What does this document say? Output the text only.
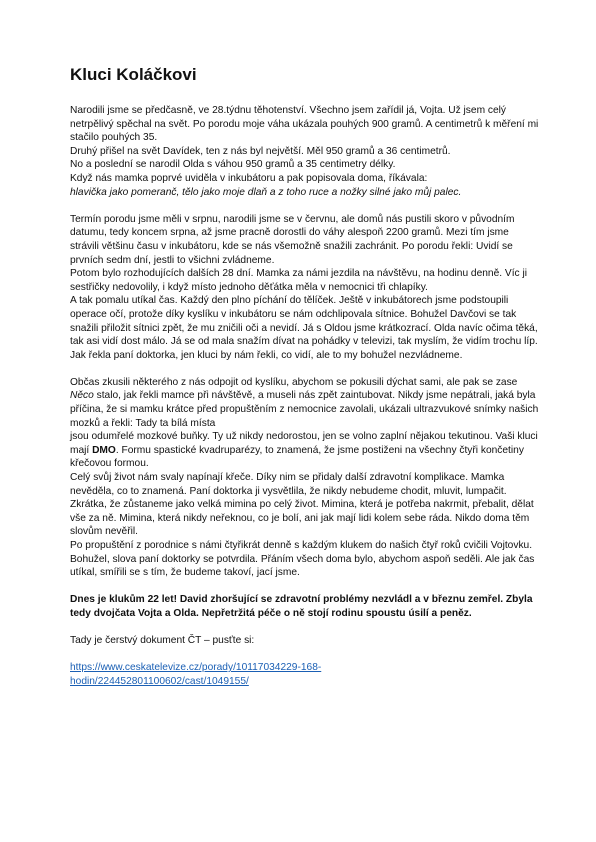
Kluci Koláčkovi
Narodili jsme se předčasně, ve 28.týdnu těhotenství. Všechno jsem zařídil já, Vojta. Už jsem celý netrpělivý spěchal na svět. Po porodu moje váha ukázala pouhých 900 gramů. A centimetrů k měření mi stačilo pouhých 35.
Druhý přišel na svět Davídek, ten z nás byl největší. Měl 950 gramů a 36 centimetrů.
No a poslední se narodil Olda s váhou 950 gramů a 35 centimetry délky.
Když nás mamka poprvé uviděla v inkubátoru a pak popisovala doma, říkávala:
hlavička jako pomeranč, tělo jako moje dlaň a z toho ruce a nožky silné jako můj palec.
Termín porodu jsme měli v srpnu, narodili jsme se v červnu, ale domů nás pustili skoro v původním datumu, tedy koncem srpna, až jsme pracně dorostli do váhy alespoň 2200 gramů. Mezi tím jsme strávili většinu času v inkubátoru, kde se nás všemožně snažili zachránit. Po porodu řekli: Uvidí se prvních sedm dní, jestli to všichni zvládneme.
Potom bylo rozhodujících dalších 28 dní. Mamka za námi jezdila na návštěvu, na hodinu denně. Víc ji sestřičky nedovolily, i když místo jednoho děťátka měla v nemocnici tři chlapíky.
A tak pomalu utíkal čas. Každý den plno píchání do tělíček. Ještě v inkubátorech jsme podstoupili operace očí, protože díky kyslíku v inkubátoru se nám odchlipovala sítnice. Bohužel Davčovi se tak snažili přiložit sítnici zpět, že mu zničili oči a nevidí. Já s Oldou jsme krátkozrací. Olda navíc očima těká, tak asi vidí dost málo. Já se od mala snažím dívat na pohádky v televizi, tak myslím, že vidím trochu líp.
Jak řekla paní doktorka, jen kluci by nám řekli, co vidí, ale to my bohužel nezvládneme.
Občas zkusili některého z nás odpojit od kyslíku, abychom se pokusili dýchat sami, ale pak se zase Něco stalo, jak řekli mamce při návštěvě, a museli nás zpět zaintubovat. Nikdy jsme nepátrali, jaká byla příčina, že si mamku krátce před propuštěním z nemocnice zavolali, ukázali ultrazvukové snímky našich mozků a řekli: Tady ta bílá místa
jsou odumřelé mozkové buňky. Ty už nikdy nedorostou, jen se volno zaplní nějakou tekutinou. Vaši kluci mají DMO. Formu spastické kvadruparézy, to znamená, že jsme postiženi na všechny čtyři končetiny křečovou formou.
Celý svůj život nám svaly napínají křeče. Díky nim se přidaly další zdravotní komplikace. Mamka nevěděla, co to znamená. Paní doktorka ji vysvětlila, že nikdy nebudeme chodit, mluvit, lumpačit. Zkrátka, že zůstaneme jako velká mimina po celý život. Mimina, která je potřeba nakrmit, přebalit, dělat vše za ně. Mimina, která nikdy neřeknou, co je bolí, ani jak mají lidi kolem sebe ráda. Nikdo doma těm slovům nevěřil.
Po propuštění z porodnice s námi čtyřikrát denně s každým klukem do našich čtyř roků cvičili Vojtovku. Bohužel, slova paní doktorky se potvrdila. Přáním všech doma bylo, abychom aspoň seděli. Ale jak čas utíkal, smířili se s tím, že budeme takoví, jací jsme.
Dnes je klukům 22 let! David zhoršující se zdravotní problémy nezvládl a v březnu zemřel. Zbyla tedy dvojčata Vojta a Olda. Nepřetržitá péče o ně stojí rodinu spoustu úsilí a peněz.
Tady je čerstvý dokument ČT – pusťte si:
https://www.ceskatelevize.cz/porady/10117034229-168-
hodin/224452801100602/cast/1049155/
